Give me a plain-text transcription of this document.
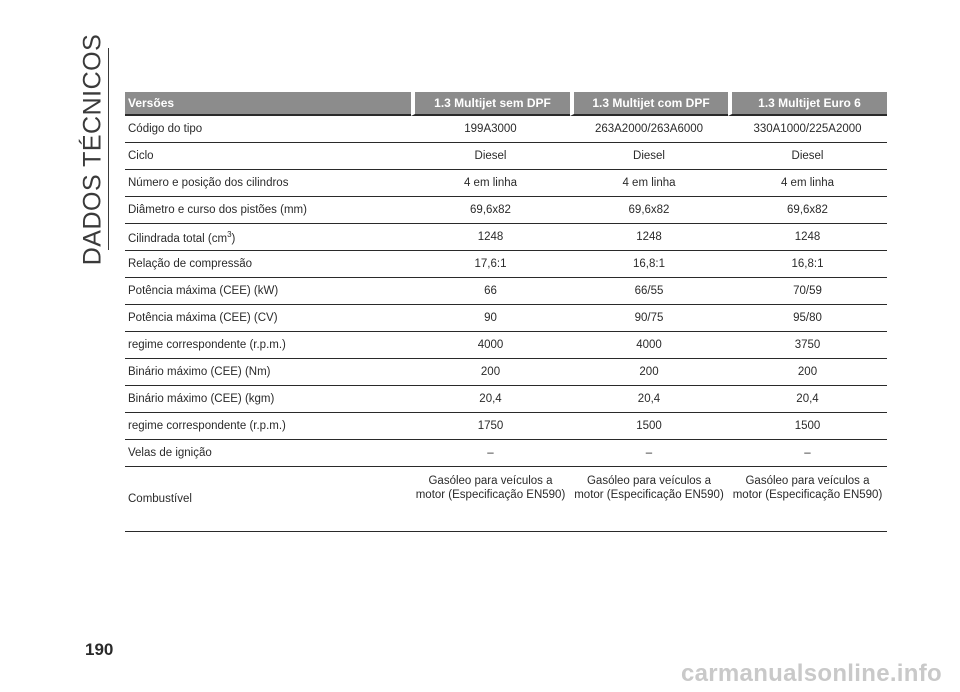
DADOS TÉCNICOS Versões	1.3 Multijet sem DPF	1.3 Multijet com DPF	1.3 Multijet Euro 6
Código do tipo	199A3000	263A2000/263A6000	330A1000/225A2000
Ciclo	Diesel	Diesel	Diesel
Número e posição dos cilindros	4 em linha	4 em linha	4 em linha
Diâmetro e curso dos pistões (mm)	69,6x82	69,6x82	69,6x82
Cilindrada total $(cm^3)$	1248	1248	1248
Relação de compressão	17,6:1	16,8:1	16,8:1
Potência máxima (CEE) (kW)	66	66/55	70/59
Potência máxima (CEE) (CV)	90	90/75	95/80
regime correspondente (r.p.m.)	4000	4000	3750
Binário máximo (CEE) (Nm)	200	200	200
Binário máximo (CEE) (kgm)	20,4	20,4	20,4
regime correspondente (r.p.m.)	1750	1500	1500
Velas de ignição	–	–	–
Combustível	Gasóleo para veículos a motor (Especificação EN590)	Gasóleo para veículos a motor (Especificação EN590)	Gasóleo para veículos a motor (Especificação EN590)
190
carmanualsonline.info
